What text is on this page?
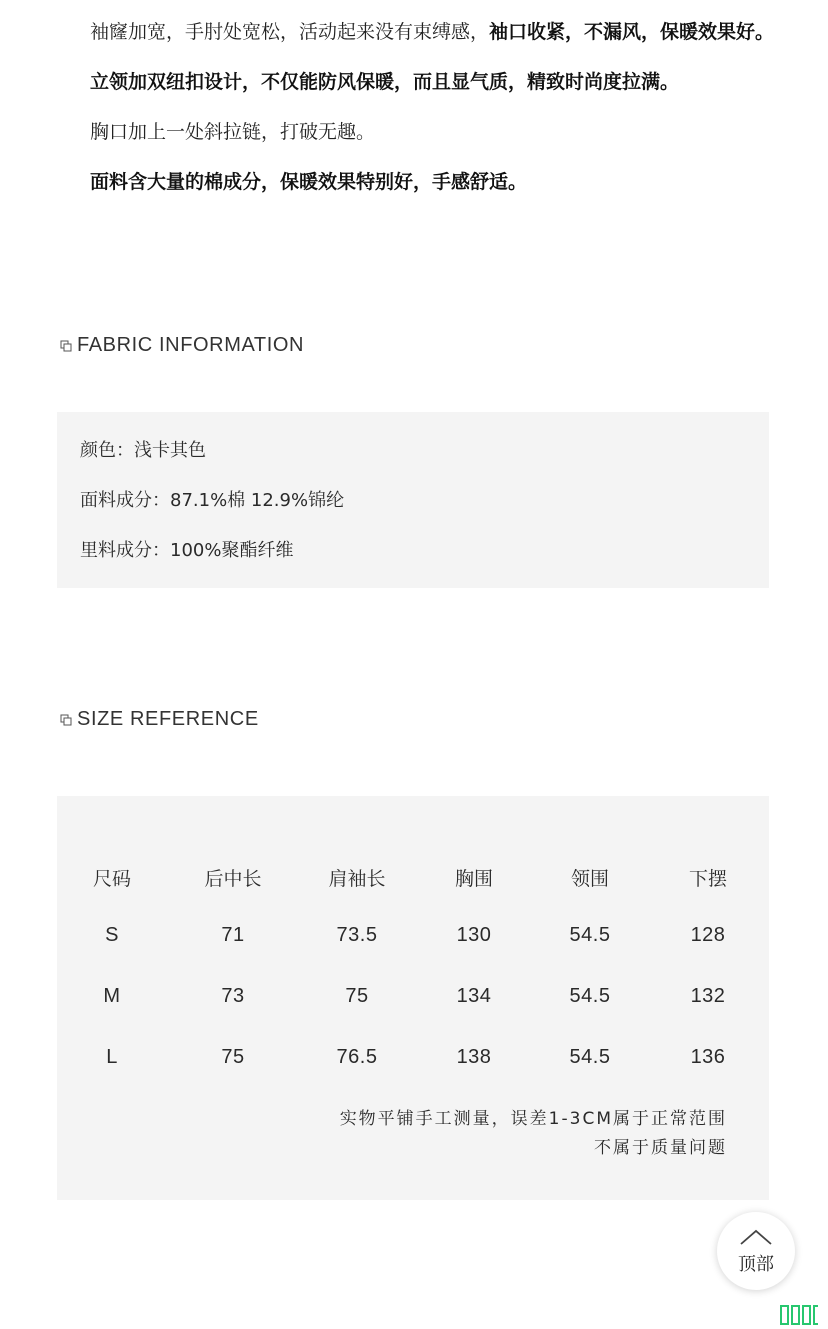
袖窿加宽，手肘处宽松，活动起来没有束缚感，袖口收紧，不漏风，保暖效果好。
立领加双纽扣设计，不仅能防风保暖，而且显气质，精致时尚度拉满。
胸口加上一处斜拉链，打破无趣。
面料含大量的棉成分，保暖效果特别好，手感舒适。
FABRIC INFORMATION
颜色：浅卡其色
面料成分：87.1%棉 12.9%锦纶
里料成分：100%聚酯纤维
SIZE REFERENCE
尺码	后中长	肩袖长	胸围	领围	下摆
S	71	73.5	130	54.5	128
M	73	75	134	54.5	132
L	75	76.5	138	54.5	136
实物平铺手工测量，误差1-3CM属于正常范围
不属于质量问题
顶部
